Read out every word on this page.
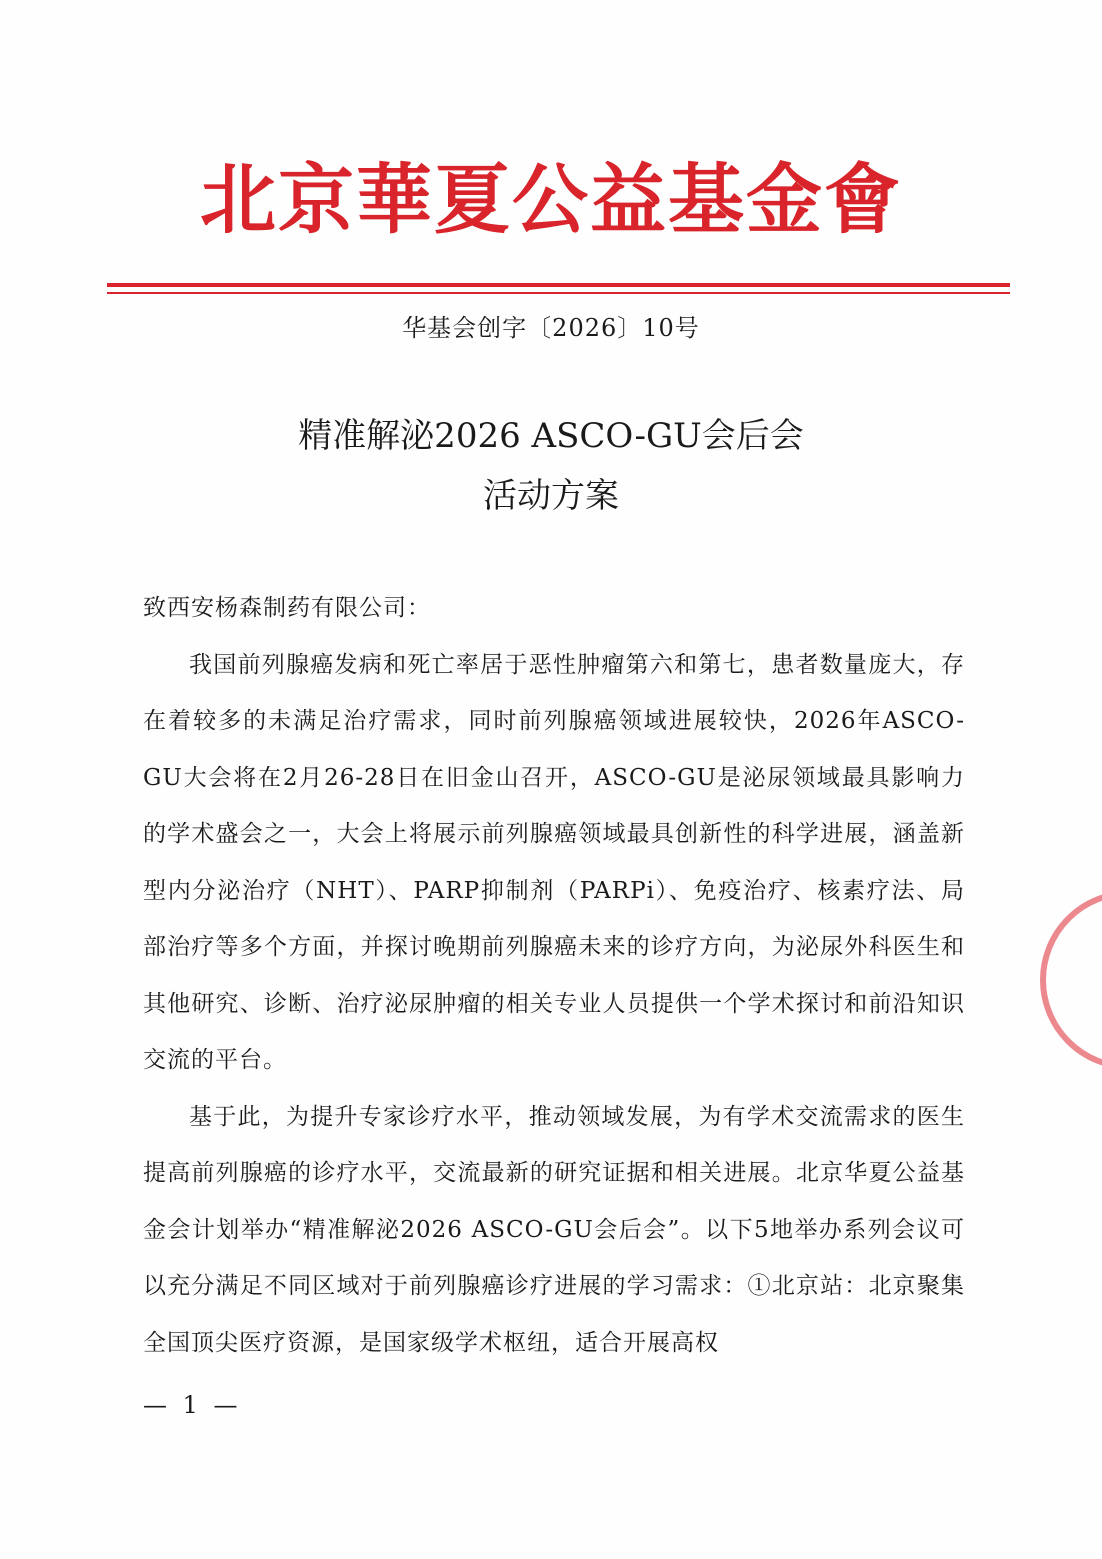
北京華夏公益基金會
华基会创字〔2026〕10号
精准解泌2026 ASCO-GU会后会
活动方案

致西安杨森制药有限公司：

我国前列腺癌发病和死亡率居于恶性肿瘤第六和第七，患者数量庞大，存在着较多的未满足治疗需求，同时前列腺癌领域进展较快，2026年ASCO-GU大会将在2月26-28日在旧金山召开，ASCO-GU是泌尿领域最具影响力的学术盛会之一，大会上将展示前列腺癌领域最具创新性的科学进展，涵盖新型内分泌治疗（NHT）、PARP抑制剂（PARPi）、免疫治疗、核素疗法、局部治疗等多个方面，并探讨晚期前列腺癌未来的诊疗方向，为泌尿外科医生和其他研究、诊断、治疗泌尿肿瘤的相关专业人员提供一个学术探讨和前沿知识交流的平台。

基于此，为提升专家诊疗水平，推动领域发展，为有学术交流需求的医生提高前列腺癌的诊疗水平，交流最新的研究证据和相关进展。北京华夏公益基金会计划举办“精准解泌2026 ASCO-GU会后会”。以下5地举办系列会议可以充分满足不同区域对于前列腺癌诊疗进展的学习需求：①北京站：北京聚集全国顶尖医疗资源，是国家级学术枢纽，适合开展高权

— 1 —
